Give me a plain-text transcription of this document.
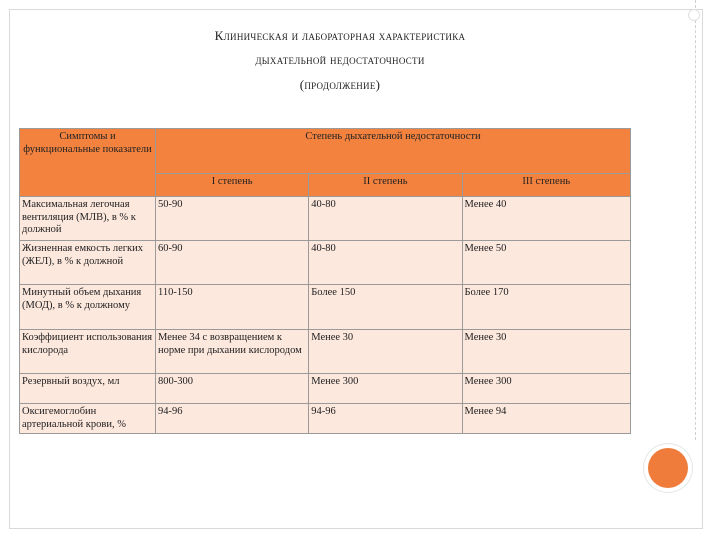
Клиническая и лабораторная характеристика
дыхательной недостаточности
(продолжение)
Симптомы и функциональные показатели	Степень дыхательной недостаточности		
	I степень	II степень	III степень
Максимальная легочная вентиляция (МЛВ), в % к должной	50-90	40-80	Менее 40
Жизненная емкость легких (ЖЕЛ), в % к должной	60-90	40-80	Менее 50
Минутный объем дыхания (МОД), в % к должному	110-150	Более 150	Более 170
Коэффициент использования кислорода	Менее 34 с возвращением к норме при дыхании кислородом	Менее 30	Менее 30
Резервный воздух, мл	800-300	Менее 300	Менее 300
Оксигемоглобин артериальной крови, %	94-96	94-96	Менее 94
